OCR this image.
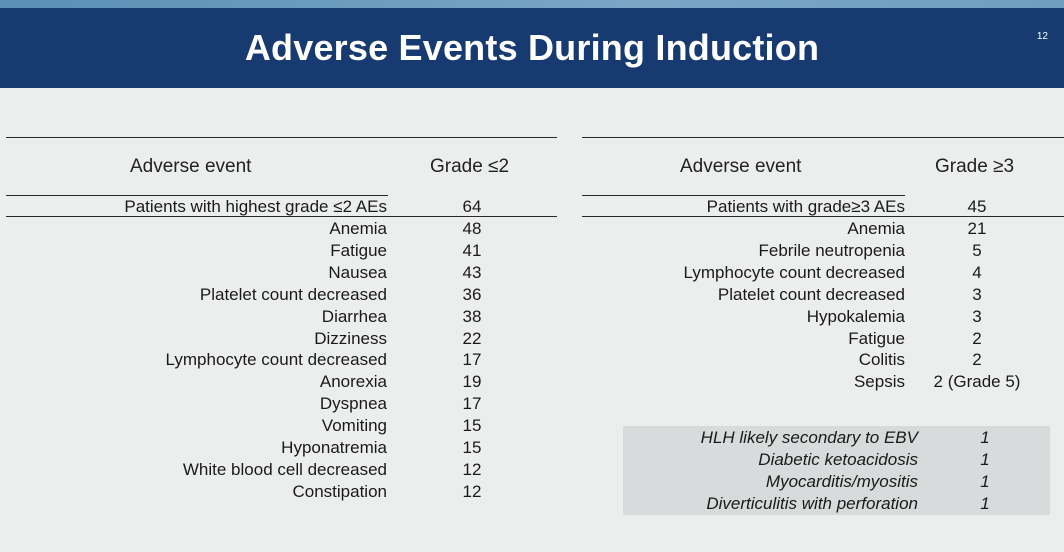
Adverse Events During Induction	12
Adverse event	Grade ≤2
Patients with highest grade ≤2 AEs	64
Anemia	48
Fatigue	41
Nausea	43
Platelet count decreased	36
Diarrhea	38
Dizziness	22
Lymphocyte count decreased	17
Anorexia	19
Dyspnea	17
Vomiting	15
Hyponatremia	15
White blood cell decreased	12
Constipation	12
Adverse event	Grade ≥3
Patients with grade≥3 AEs	45
Anemia	21
Febrile neutropenia	5
Lymphocyte count decreased	4
Platelet count decreased	3
Hypokalemia	3
Fatigue	2
Colitis	2
Sepsis	2 (Grade 5)
HLH likely secondary to EBV	1
Diabetic ketoacidosis	1
Myocarditis/myositis	1
Diverticulitis with perforation	1
